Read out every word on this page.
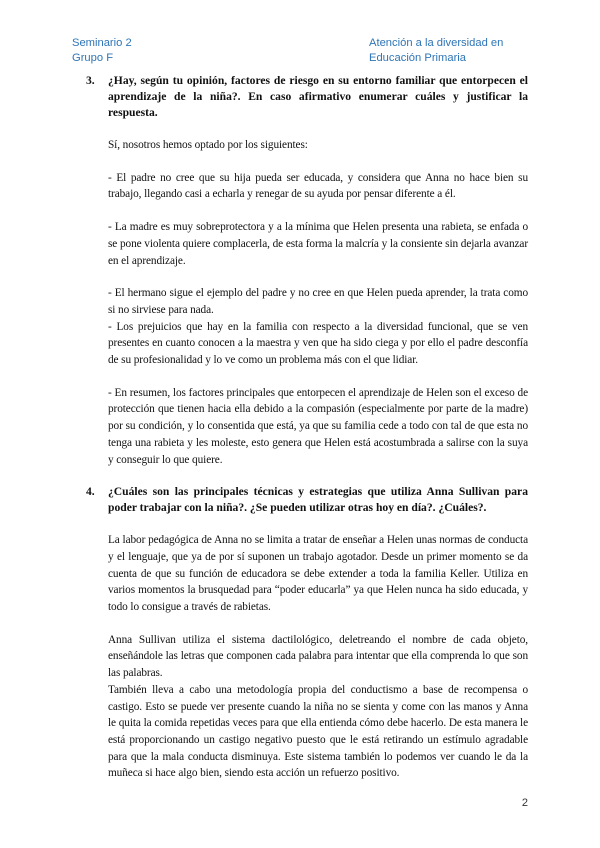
Seminario 2
Grupo F
Atención a la diversidad en
Educación Primaria
3. ¿Hay, según tu opinión, factores de riesgo en su entorno familiar que entorpecen el aprendizaje de la niña?. En caso afirmativo enumerar cuáles y justificar la respuesta.
Sí, nosotros hemos optado por los siguientes:
- El padre no cree que su hija pueda ser educada, y considera que Anna no hace bien su trabajo, llegando casi a echarla y renegar de su ayuda por pensar diferente a él.
- La madre es muy sobreprotectora y a la mínima que Helen presenta una rabieta, se enfada o se pone violenta quiere complacerla, de esta forma la malcría y la consiente sin dejarla avanzar en el aprendizaje.
- El hermano sigue el ejemplo del padre y no cree en que Helen pueda aprender, la trata como si no sirviese para nada.
- Los prejuicios que hay en la familia con respecto a la diversidad funcional, que se ven presentes en cuanto conocen a la maestra y ven que ha sido ciega y por ello el padre desconfía de su profesionalidad y lo ve como un problema más con el que lidiar.
- En resumen, los factores principales que entorpecen el aprendizaje de Helen son el exceso de protección que tienen hacia ella debido a la compasión (especialmente por parte de la madre) por su condición, y lo consentida que está, ya que su familia cede a todo con tal de que esta no tenga una rabieta y les moleste, esto genera que Helen está acostumbrada a salirse con la suya y conseguir lo que quiere.
4. ¿Cuáles son las principales técnicas y estrategias que utiliza Anna Sullivan para poder trabajar con la niña?. ¿Se pueden utilizar otras hoy en día?. ¿Cuáles?.
La labor pedagógica de Anna no se limita a tratar de enseñar a Helen unas normas de conducta y el lenguaje, que ya de por sí suponen un trabajo agotador. Desde un primer momento se da cuenta de que su función de educadora se debe extender a toda la familia Keller. Utiliza en varios momentos la brusquedad para “poder educarla” ya que Helen nunca ha sido educada, y todo lo consigue a través de rabietas.
Anna Sullivan utiliza el sistema dactilológico, deletreando el nombre de cada objeto, enseñándole las letras que componen cada palabra para intentar que ella comprenda lo que son las palabras.
También lleva a cabo una metodología propia del conductismo a base de recompensa o castigo. Esto se puede ver presente cuando la niña no se sienta y come con las manos y Anna le quita la comida repetidas veces para que ella entienda cómo debe hacerlo. De esta manera le está proporcionando un castigo negativo puesto que le está retirando un estímulo agradable para que la mala conducta disminuya. Este sistema también lo podemos ver cuando le da la muñeca si hace algo bien, siendo esta acción un refuerzo positivo.
2
